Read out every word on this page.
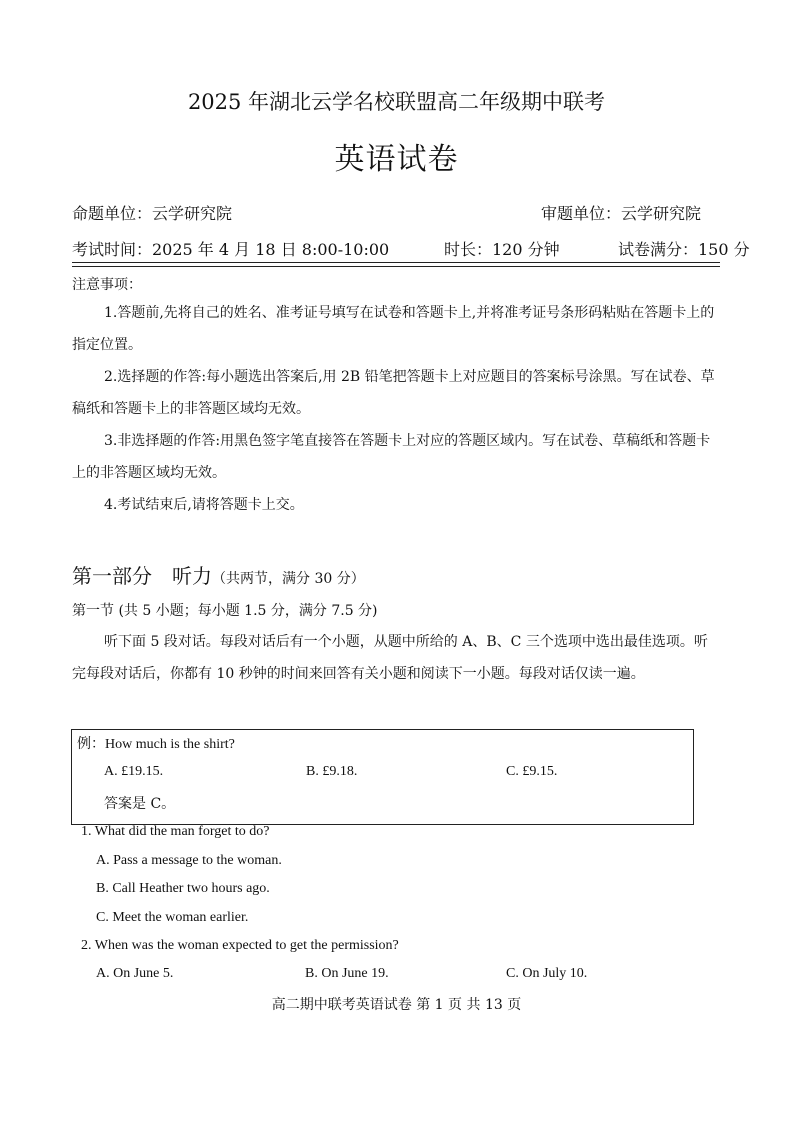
2025 年湖北云学名校联盟高二年级期中联考
英语试卷
命题单位：云学研究院	审题单位：云学研究院
考试时间：2025 年 4 月 18 日 8:00-10:00	时长：120 分钟	试卷满分：150 分
注意事项：

1.答题前,先将自己的姓名、准考证号填写在试卷和答题卡上,并将准考证号条形码粘贴在答题卡上的指定位置。

2.选择题的作答:每小题选出答案后,用 2B 铅笔把答题卡上对应题目的答案标号涂黑。写在试卷、草稿纸和答题卡上的非答题区域均无效。

3.非选择题的作答:用黑色签字笔直接答在答题卡上对应的答题区域内。写在试卷、草稿纸和答题卡上的非答题区域均无效。

4.考试结束后,请将答题卡上交。

第一部分　听力（共两节，满分 30 分）
第一节 (共 5 小题；每小题 1.5 分，满分 7.5 分)

听下面 5 段对话。每段对话后有一个小题，从题中所给的 A、B、C 三个选项中选出最佳选项。听完每段对话后，你都有 10 秒钟的时间来回答有关小题和阅读下一小题。每段对话仅读一遍。

例：How much is the shirt?
A. £19.15.	B. £9.18.	C. £9.15.
答案是 C。
1. What did the man forget to do?
A. Pass a message to the woman.
B. Call Heather two hours ago.
C. Meet the woman earlier.
2. When was the woman expected to get the permission?
A. On June 5.	B. On June 19.	C. On July 10.
高二期中联考英语试卷 第 1 页 共 13 页
